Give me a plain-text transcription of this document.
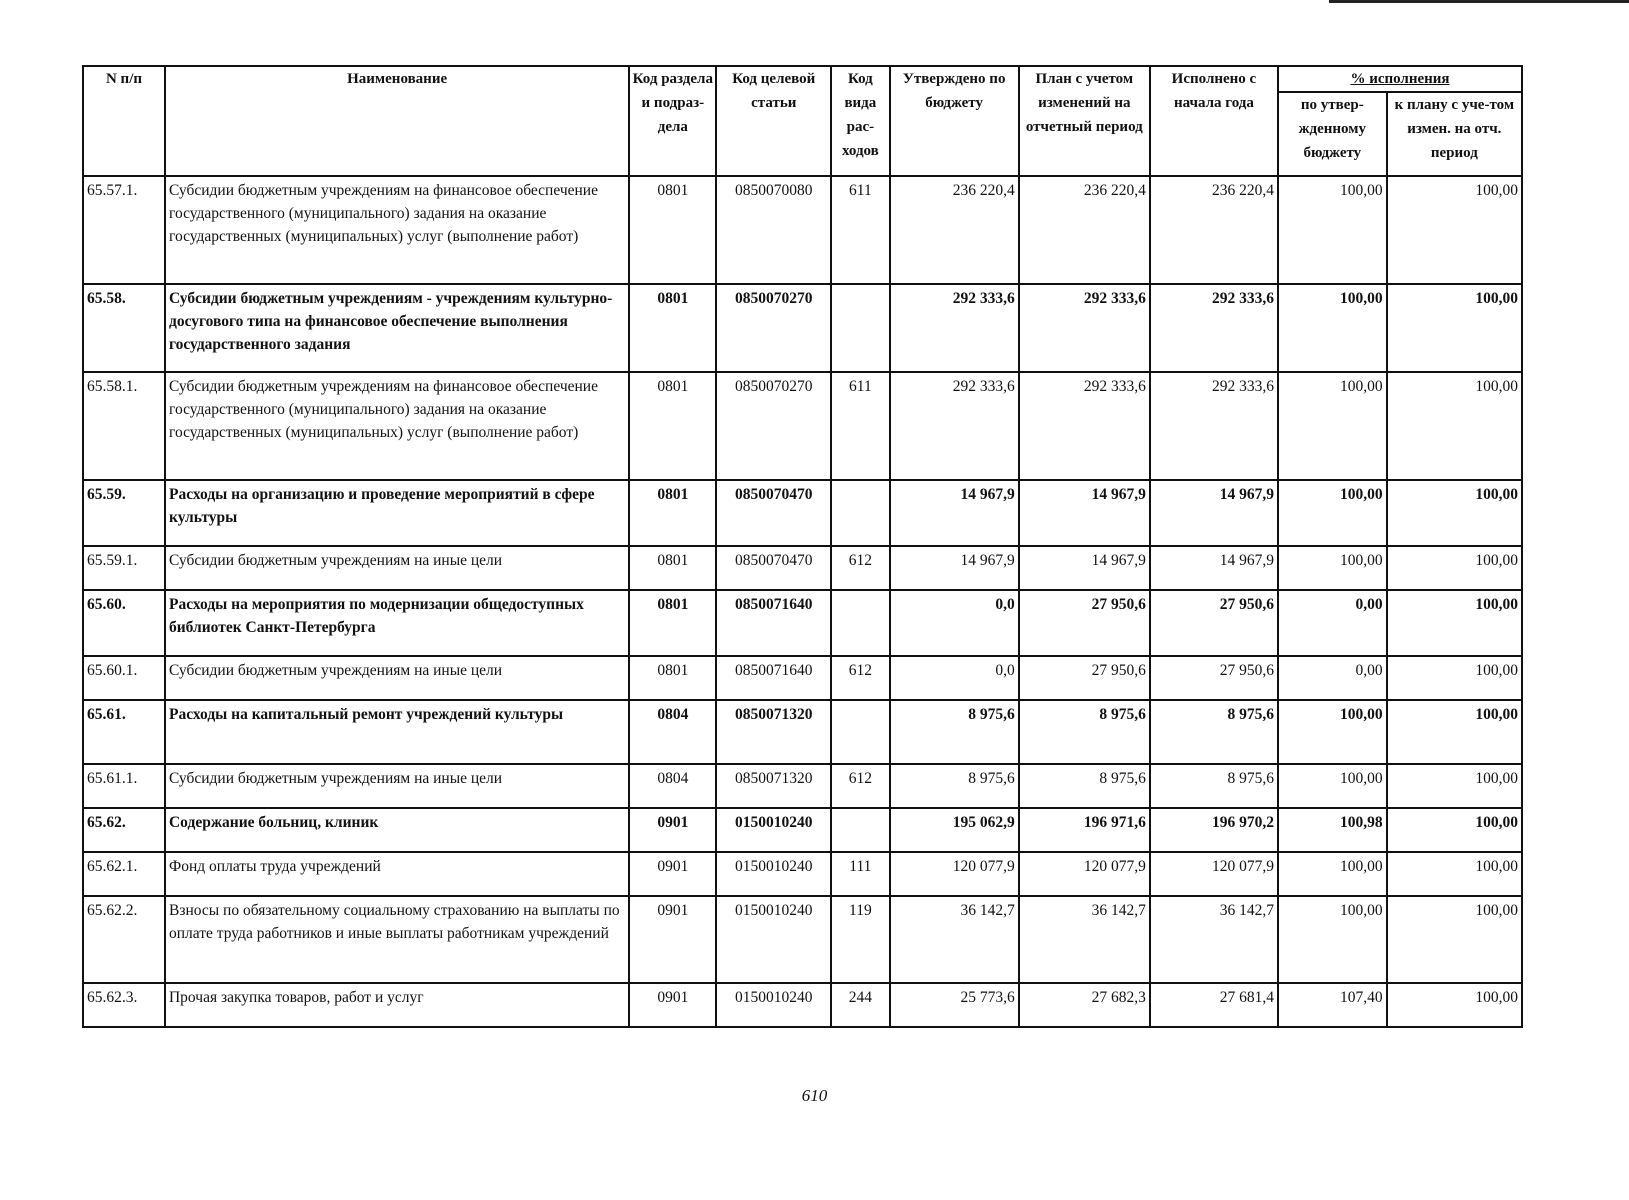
N п/п	Наименование	Код раздела и подраз-дела	Код целевой статьи	Код вида рас-ходов	Утверждено по бюджету	План с учетом изменений на отчетный период	Исполнено с начала года	% исполнения	
								по утвер-жденному бюджету	к плану с уче-том измен. на отч. период
65.57.1.	Субсидии бюджетным учреждениям на финансовое обеспечение государственного (муниципального) задания на оказание государственных (муниципальных) услуг (выполнение работ)	0801	0850070080	611	236 220,4	236 220,4	236 220,4	100,00	100,00
65.58.	Субсидии бюджетным учреждениям - учреждениям культурно-досугового типа на финансовое обеспечение выполнения государственного задания	0801	0850070270		292 333,6	292 333,6	292 333,6	100,00	100,00
65.58.1.	Субсидии бюджетным учреждениям на финансовое обеспечение государственного (муниципального) задания на оказание государственных (муниципальных) услуг (выполнение работ)	0801	0850070270	611	292 333,6	292 333,6	292 333,6	100,00	100,00
65.59.	Расходы на организацию и проведение мероприятий в сфере культуры	0801	0850070470		14 967,9	14 967,9	14 967,9	100,00	100,00
65.59.1.	Субсидии бюджетным учреждениям на иные цели	0801	0850070470	612	14 967,9	14 967,9	14 967,9	100,00	100,00
65.60.	Расходы на мероприятия по модернизации общедоступных библиотек Санкт-Петербурга	0801	0850071640		0,0	27 950,6	27 950,6	0,00	100,00
65.60.1.	Субсидии бюджетным учреждениям на иные цели	0801	0850071640	612	0,0	27 950,6	27 950,6	0,00	100,00
65.61.	Расходы на капитальный ремонт учреждений культуры	0804	0850071320		8 975,6	8 975,6	8 975,6	100,00	100,00
65.61.1.	Субсидии бюджетным учреждениям на иные цели	0804	0850071320	612	8 975,6	8 975,6	8 975,6	100,00	100,00
65.62.	Содержание больниц, клиник	0901	0150010240		195 062,9	196 971,6	196 970,2	100,98	100,00
65.62.1.	Фонд оплаты труда учреждений	0901	0150010240	111	120 077,9	120 077,9	120 077,9	100,00	100,00
65.62.2.	Взносы по обязательному социальному страхованию на выплаты по оплате труда работников и иные выплаты работникам учреждений	0901	0150010240	119	36 142,7	36 142,7	36 142,7	100,00	100,00
65.62.3.	Прочая закупка товаров, работ и услуг	0901	0150010240	244	25 773,6	27 682,3	27 681,4	107,40	100,00
610
